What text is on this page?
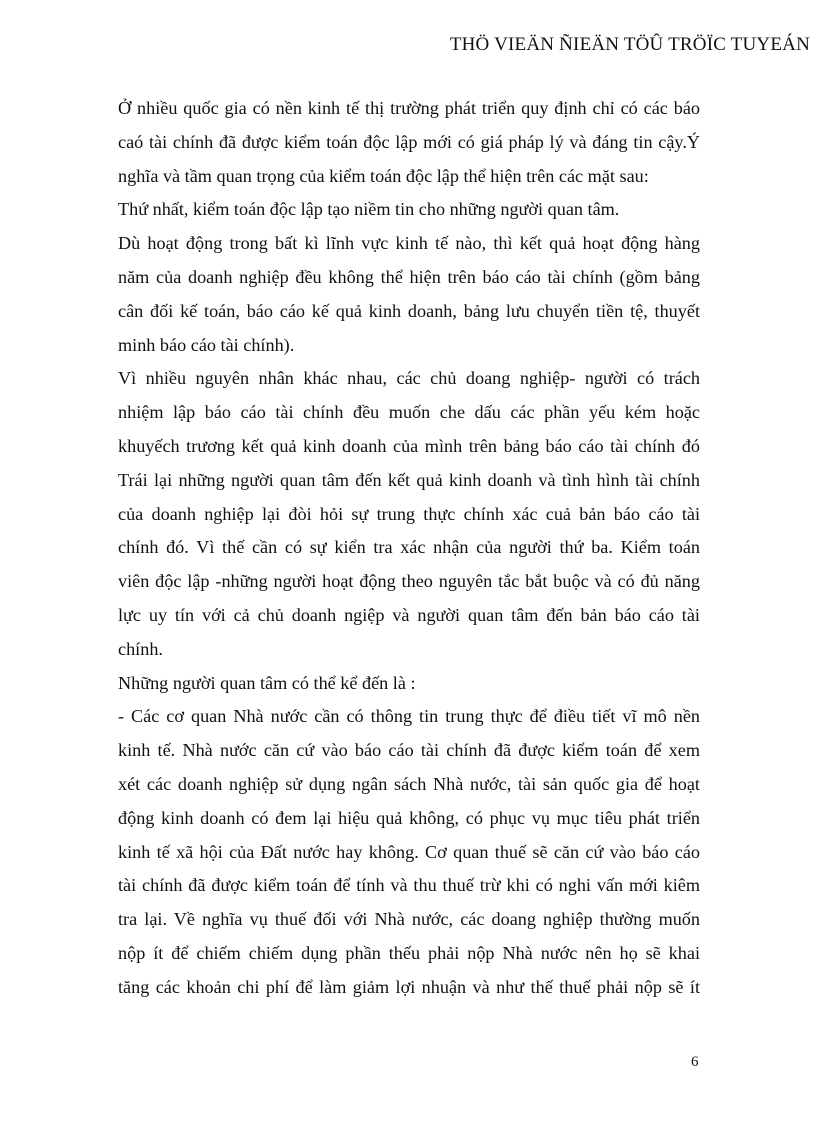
THÖ VIEÄN ÑIEÄN TÖÛ TRÖÏC TUYEÁN
Ở nhiều quốc gia có nền kinh tế thị trường phát triển quy định chỉ có các báo
caó tài chính đã được kiểm toán độc lập mới có giá pháp lý và đáng tin cậy.Ý
nghĩa và tầm quan trọng của kiểm toán độc lập thể hiện trên các mặt sau:
Thứ nhất, kiểm toán độc lập tạo niềm tin cho những người quan tâm.
Dù hoạt động trong bất kì lĩnh vực kinh tế nào, thì kết quả hoạt động hàng
năm của doanh nghiệp đều không thể hiện trên báo cáo tài chính (gồm bảng
cân đối kế toán, báo cáo kế quả kinh doanh, bảng lưu chuyển tiền tệ, thuyết
minh báo cáo tài chính).
Vì nhiều nguyên nhân khác nhau, các chủ doang nghiệp- người có trách
nhiệm lập báo cáo tài chính đều muốn che dấu các phần yếu kém hoặc
khuyếch trương kết quả kinh doanh của mình trên bảng báo cáo tài chính đó
Trái lại những người quan tâm đến kết quả kinh doanh và tình hình tài chính
của doanh nghiệp lại đòi hỏi sự trung thực chính xác cuả bản báo cáo tài
chính đó. Vì thế cần có sự kiển tra xác nhận của người thứ ba. Kiểm toán
viên độc lập -những người hoạt động theo nguyên tắc bắt buộc và có đủ năng
lực uy tín với cả chủ doanh ngiệp và người quan tâm đến bản báo cáo tài
chính.
Những người quan tâm có thể kể đến là :
- Các cơ quan Nhà nước cần có thông tin trung thực để điều tiết vĩ mô nền
kinh tế. Nhà nước căn cứ vào báo cáo tài chính đã được kiểm toán để xem
xét các doanh nghiệp sử dụng ngân sách Nhà nước, tài sản quốc gia để hoạt
động kinh doanh có đem lại hiệu quả không, có phục vụ mục tiêu phát triển
kinh tế xã hội của Đất nước hay không. Cơ quan thuế sẽ căn cứ vào báo cáo
tài chính đã được kiểm toán để tính và thu thuế trừ khi có nghi vấn mới kiêm
tra lại. Về nghĩa vụ thuế đối với Nhà nước, các doang nghiệp thường muốn
nộp ít để chiếm chiếm dụng phần thếu phải nộp Nhà nước nên họ sẽ khai
tăng các khoản chi phí để làm giảm lợi nhuận và như thế thuế phải nộp sẽ ít
6
